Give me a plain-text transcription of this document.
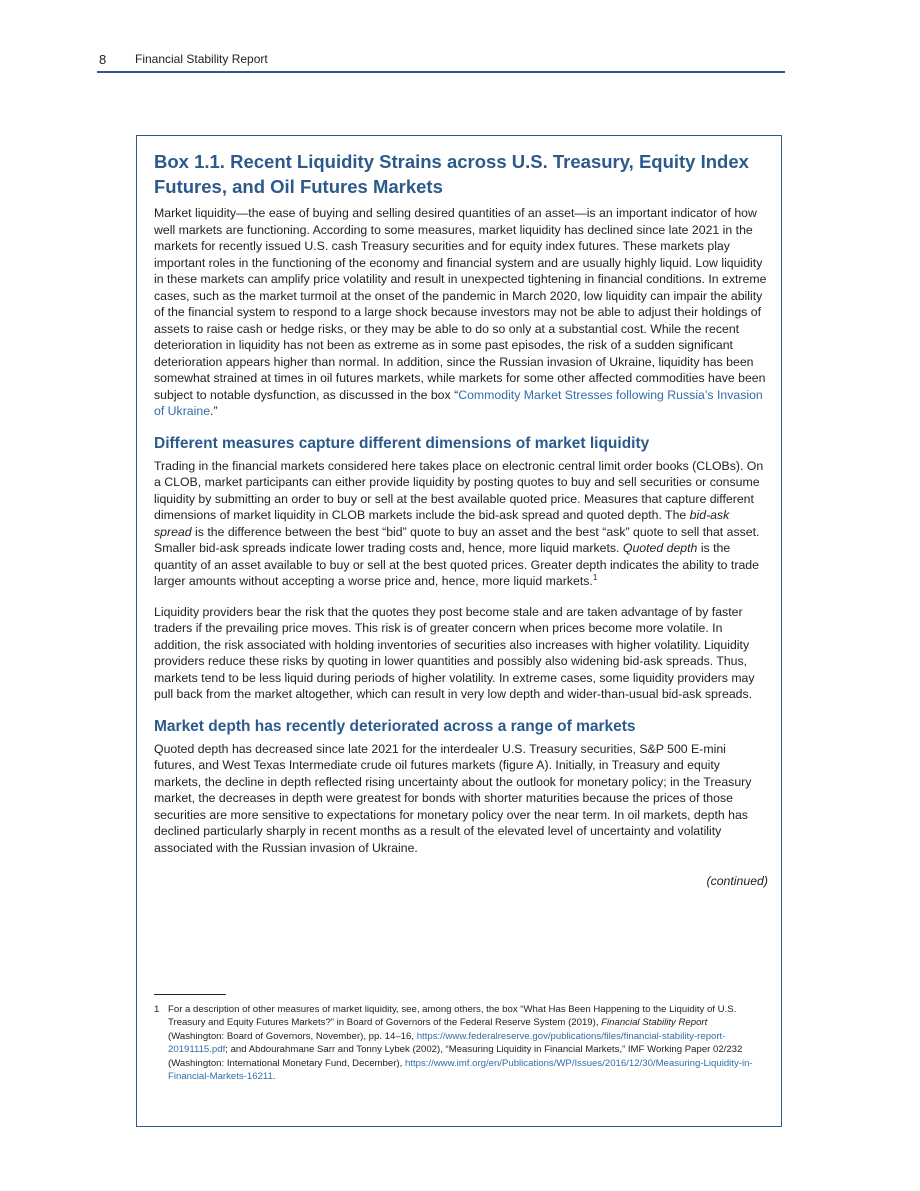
8 Financial Stability Report
Box 1.1. Recent Liquidity Strains across U.S. Treasury, Equity Index Futures, and Oil Futures Markets

Market liquidity—the ease of buying and selling desired quantities of an asset—is an important indicator of how well markets are functioning. According to some measures, market liquidity has declined since late 2021 in the markets for recently issued U.S. cash Treasury securities and for equity index futures. These markets play important roles in the functioning of the economy and financial system and are usually highly liquid. Low liquidity in these markets can amplify price volatility and result in unexpected tightening in financial conditions. In extreme cases, such as the market turmoil at the onset of the pandemic in March 2020, low liquidity can impair the ability of the financial system to respond to a large shock because investors may not be able to adjust their holdings of assets to raise cash or hedge risks, or they may be able to do so only at a substantial cost. While the recent deterioration in liquidity has not been as extreme as in some past episodes, the risk of a sudden significant deterioration appears higher than normal. In addition, since the Russian invasion of Ukraine, liquidity has been somewhat strained at times in oil futures markets, while markets for some other affected commodities have been subject to notable dysfunction, as discussed in the box “Commodity Market Stresses following Russia’s Invasion of Ukraine.”

Different measures capture different dimensions of market liquidity

Trading in the financial markets considered here takes place on electronic central limit order books (CLOBs). On a CLOB, market participants can either provide liquidity by posting quotes to buy and sell securities or consume liquidity by submitting an order to buy or sell at the best available quoted price. Measures that capture different dimensions of market liquidity in CLOB markets include the bid-ask spread and quoted depth. The bid-ask spread is the difference between the best “bid” quote to buy an asset and the best “ask” quote to sell that asset. Smaller bid-ask spreads indicate lower trading costs and, hence, more liquid markets. Quoted depth is the quantity of an asset available to buy or sell at the best quoted prices. Greater depth indicates the ability to trade larger amounts without accepting a worse price and, hence, more liquid markets.$^1$

Liquidity providers bear the risk that the quotes they post become stale and are taken advantage of by faster traders if the prevailing price moves. This risk is of greater concern when prices become more volatile. In addition, the risk associated with holding inventories of securities also increases with higher volatility. Liquidity providers reduce these risks by quoting in lower quantities and possibly also widening bid-ask spreads. Thus, markets tend to be less liquid during periods of higher volatility. In extreme cases, some liquidity providers may pull back from the market altogether, which can result in very low depth and wider-than-usual bid-ask spreads.

Market depth has recently deteriorated across a range of markets

Quoted depth has decreased since late 2021 for the interdealer U.S. Treasury securities, S&P 500 E-mini futures, and West Texas Intermediate crude oil futures markets (figure A). Initially, in Treasury and equity markets, the decline in depth reflected rising uncertainty about the outlook for monetary policy; in the Treasury market, the decreases in depth were greatest for bonds with shorter maturities because the prices of those securities are more sensitive to expectations for monetary policy over the near term. In oil markets, depth has declined particularly sharply in recent months as a result of the elevated level of uncertainty and volatility associated with the Russian invasion of Ukraine.

(continued)
1 For a description of other measures of market liquidity, see, among others, the box “What Has Been Happening to the Liquidity of U.S. Treasury and Equity Futures Markets?” in Board of Governors of the Federal Reserve System (2019), Financial Stability Report (Washington: Board of Governors, November), pp. 14–16, https://www.federalreserve.gov/publications/files/financial-stability-report-20191115.pdf; and Abdourahmane Sarr and Tonny Lybek (2002), “Measuring Liquidity in Financial Markets,” IMF Working Paper 02/232 (Washington: International Monetary Fund, December), https://www.imf.org/en/Publications/WP/Issues/2016/12/30/Measuring-Liquidity-in-Financial-Markets-16211.
